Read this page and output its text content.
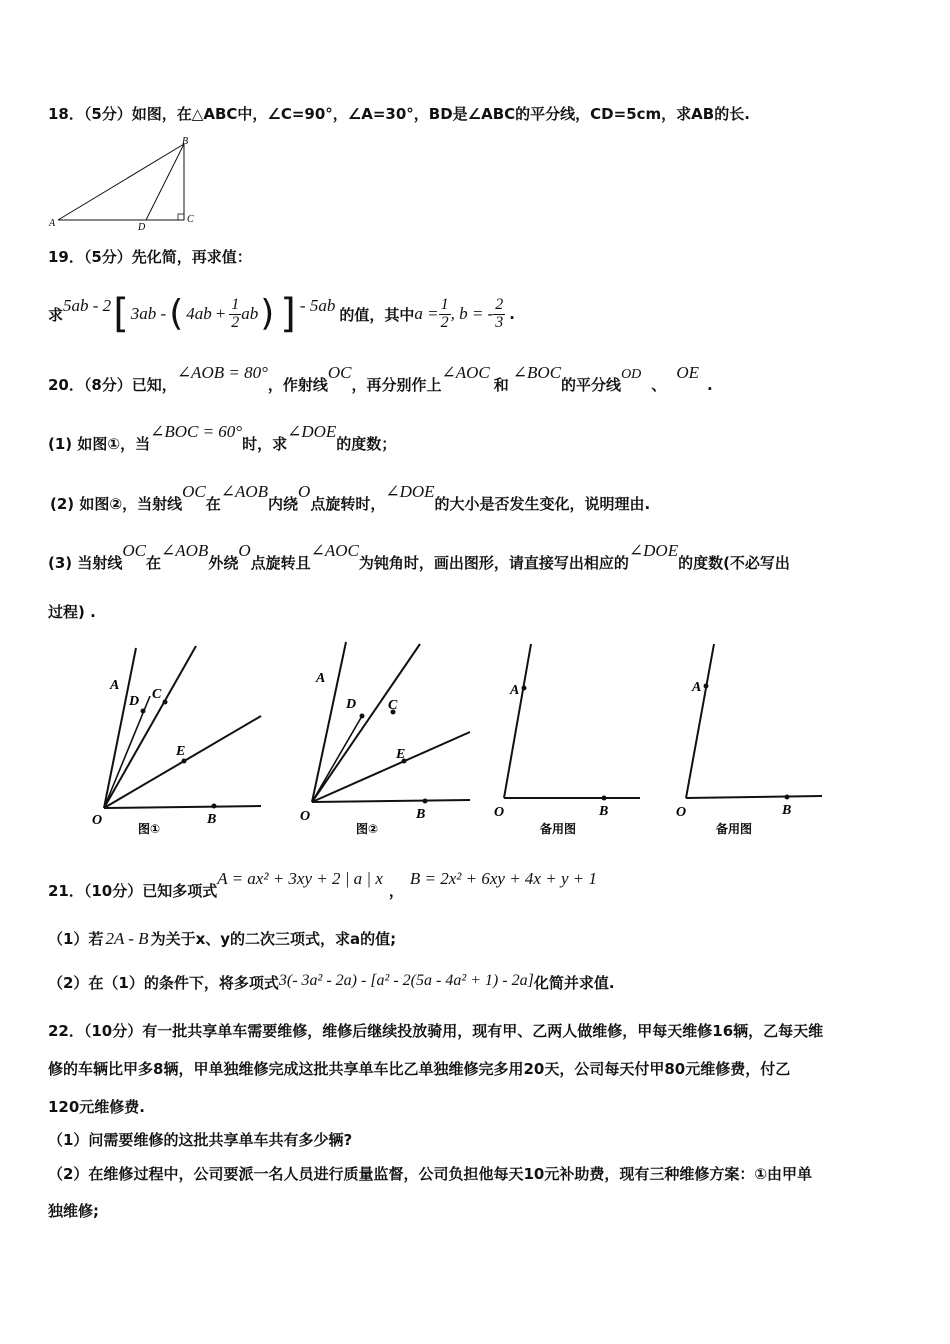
18．（5分）如图，在△ABC中，∠C=90°，∠A=30°，BD是∠ABC的平分线，CD=5cm，求AB的长.
A
B
C
D
19．（5分）先化简，再求值：
求 5ab - 2 [ 3ab - ( $4ab + \frac{1}{2}$ ab ) ] - 5ab 的值，其中 $a = \frac{1}{2}$ , b = - $\frac{2}{3}$ .
20．（8分）已知，∠AOB = 80°，作射线OC，再分别作上∠AOC和∠BOC的平分线OD、OE.
(1) 如图①，当∠BOC = 60°时，求∠DOE的度数；
(2) 如图②，当射线OC在∠AOB内绕O点旋转时，∠DOE的大小是否发生变化，说明理由.
(3) 当射线OC在∠AOB外绕O点旋转且∠AOC为钝角时，画出图形，请直接写出相应的∠DOE的度数(不必写出
过程) .
A
D C
E
O	B
图①
A
D C
E
O	B
图②
A
O	B
备用图
A
O	B
备用图
21．（10分）已知多项式A = ax² + 3xy + 2 | a | x，B = 2x² + 6xy + 4x + y + 1
（1）若 2A - B 为关于x、y的二次三项式，求a的值;
（2）在（1）的条件下，将多项式3(- 3a² - 2a) - [a² - 2(5a - 4a² + 1) - 2a]化简并求值.
22．（10分）有一批共享单车需要维修，维修后继续投放骑用，现有甲、乙两人做维修，甲每天维修16辆，乙每天维
修的车辆比甲多8辆，甲单独维修完成这批共享单车比乙单独维修完多用20天，公司每天付甲80元维修费，付乙
120元维修费.
（1）问需要维修的这批共享单车共有多少辆?
（2）在维修过程中，公司要派一名人员进行质量监督，公司负担他每天10元补助费，现有三种维修方案：①由甲单
独维修;
